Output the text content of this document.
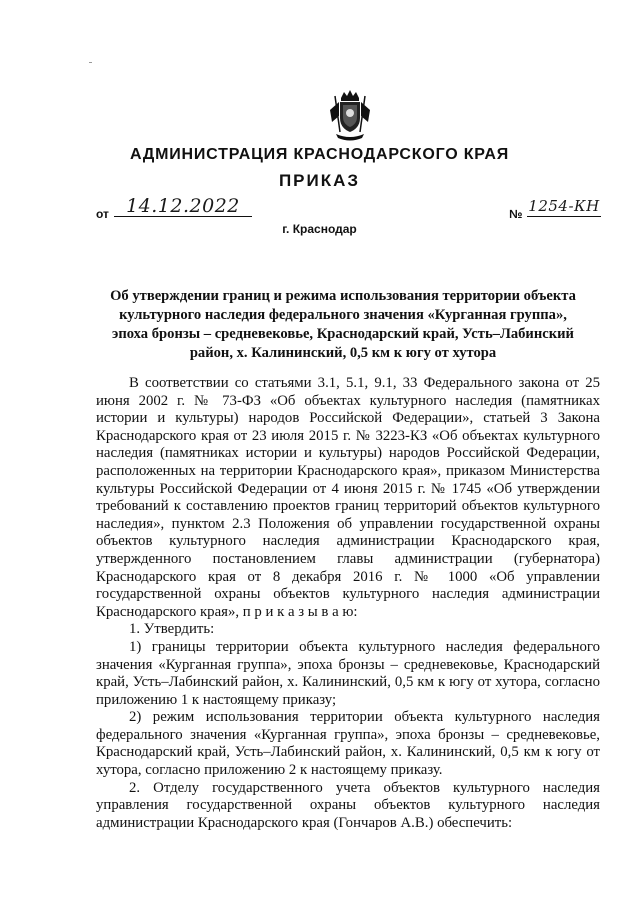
АДМИНИСТРАЦИЯ КРАСНОДАРСКОГО КРАЯ
ПРИКАЗ
от 14.12.2022	№ 1254-КН
г. Краснодар
Об утверждении границ и режима использования территории объекта культурного наследия федерального значения «Курганная группа», эпоха бронзы – средневековье, Краснодарский край, Усть–Лабинский район, х. Калининский, 0,5 км к югу от хутора

В соответствии со статьями 3.1, 5.1, 9.1, 33 Федерального закона от 25 июня 2002 г. № 73-ФЗ «Об объектах культурного наследия (памятниках истории и культуры) народов Российской Федерации», статьей 3 Закона Краснодарского края от 23 июля 2015 г. № 3223-КЗ «Об объектах культурного наследия (памятниках истории и культуры) народов Российской Федерации, расположенных на территории Краснодарского края», приказом Министерства культуры Российской Федерации от 4 июня 2015 г. № 1745 «Об утверждении требований к составлению проектов границ территорий объектов культурного наследия», пунктом 2.3 Положения об управлении государственной охраны объектов культурного наследия администрации Краснодарского края, утвержденного постановлением главы администрации (губернатора) Краснодарского края от 8 декабря 2016 г. № 1000 «Об управлении государственной охраны объектов культурного наследия администрации Краснодарского края», п р и к а з ы в а ю:

1. Утвердить:

1) границы территории объекта культурного наследия федерального значения «Курганная группа», эпоха бронзы – средневековье, Краснодарский край, Усть–Лабинский район, х. Калининский, 0,5 км к югу от хутора, согласно приложению 1 к настоящему приказу;

2) режим использования территории объекта культурного наследия федерального значения «Курганная группа», эпоха бронзы – средневековье, Краснодарский край, Усть–Лабинский район, х. Калининский, 0,5 км к югу от хутора, согласно приложению 2 к настоящему приказу.

2. Отделу государственного учета объектов культурного наследия управления государственной охраны объектов культурного наследия администрации Краснодарского края (Гончаров А.В.) обеспечить:
